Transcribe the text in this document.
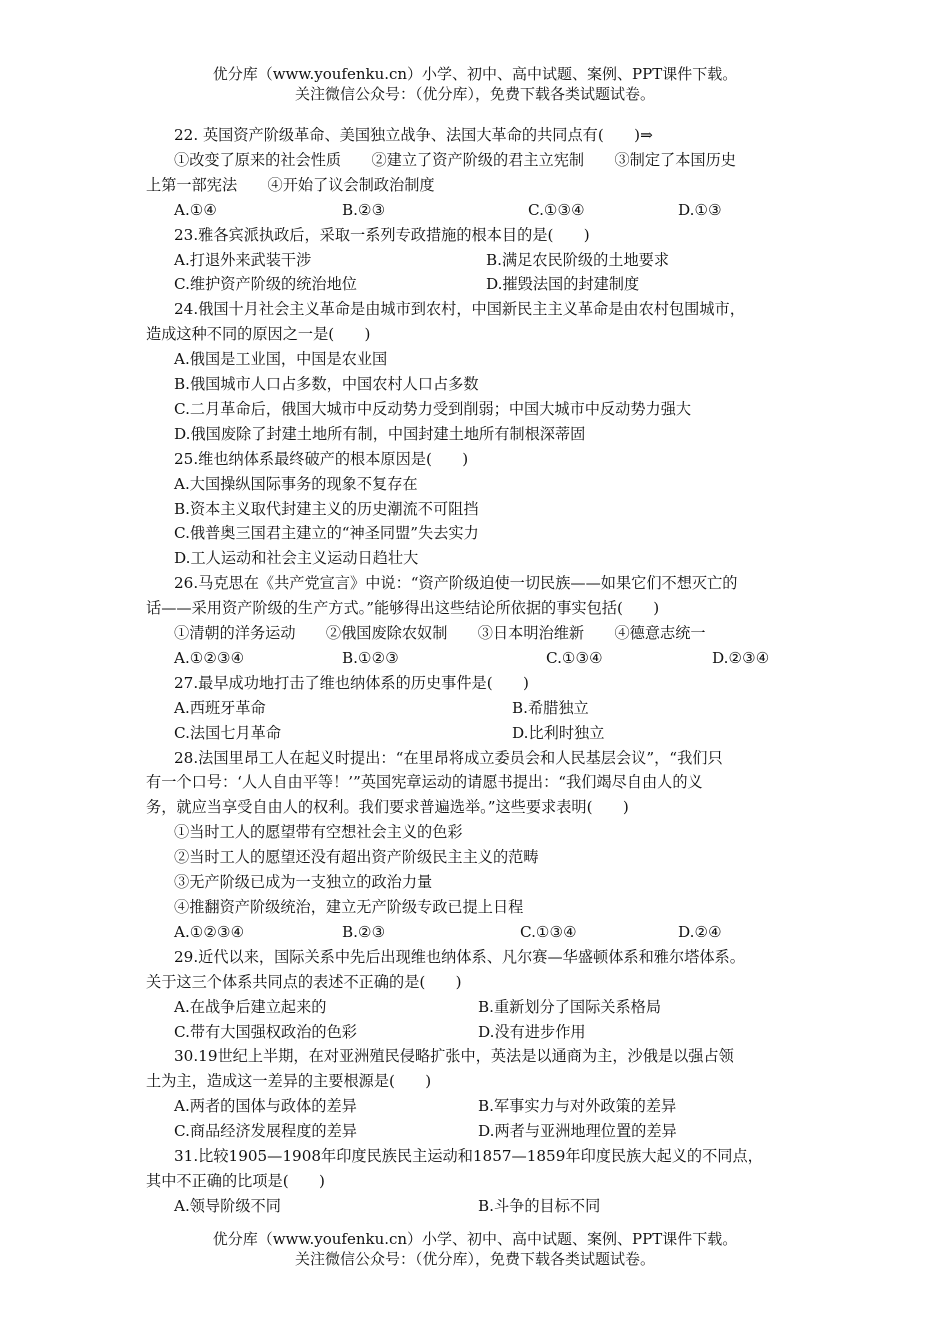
优分库（www.youfenku.cn）小学、初中、高中试题、案例、PPT课件下载。
关注微信公众号：（优分库），免费下载各类试题试卷。
22. 英国资产阶级革命、美国独立战争、法国大革命的共同点有(　　)⇒
①改变了原来的社会性质　　②建立了资产阶级的君主立宪制　　③制定了本国历史
上第一部宪法　　④开始了议会制政治制度
A.①④	B.②③	C.①③④	D.①③
23.雅各宾派执政后，采取一系列专政措施的根本目的是(　　)
A.打退外来武装干涉	B.满足农民阶级的土地要求
C.维护资产阶级的统治地位	D.摧毁法国的封建制度
24.俄国十月社会主义革命是由城市到农村，中国新民主主义革命是由农村包围城市，
造成这种不同的原因之一是(　　)
A.俄国是工业国，中国是农业国
B.俄国城市人口占多数，中国农村人口占多数
C.二月革命后，俄国大城市中反动势力受到削弱；中国大城市中反动势力强大
D.俄国废除了封建土地所有制，中国封建土地所有制根深蒂固
25.维也纳体系最终破产的根本原因是(　　)
A.大国操纵国际事务的现象不复存在
B.资本主义取代封建主义的历史潮流不可阻挡
C.俄普奥三国君主建立的“神圣同盟”失去实力
D.工人运动和社会主义运动日趋壮大
26.马克思在《共产党宣言》中说：“资产阶级迫使一切民族——如果它们不想灭亡的
话——采用资产阶级的生产方式。”能够得出这些结论所依据的事实包括(　　)
①清朝的洋务运动　　②俄国废除农奴制　　③日本明治维新　　④德意志统一
A.①②③④	B.①②③	C.①③④	D.②③④
27.最早成功地打击了维也纳体系的历史事件是(　　)
A.西班牙革命	B.希腊独立
C.法国七月革命	D.比利时独立
28.法国里昂工人在起义时提出：“在里昂将成立委员会和人民基层会议”，“我们只
有一个口号：‘人人自由平等！’”英国宪章运动的请愿书提出：“我们竭尽自由人的义
务，就应当享受自由人的权利。我们要求普遍选举。”这些要求表明(　　)
①当时工人的愿望带有空想社会主义的色彩
②当时工人的愿望还没有超出资产阶级民主主义的范畴
③无产阶级已成为一支独立的政治力量
④推翻资产阶级统治，建立无产阶级专政已提上日程
A.①②③④	B.②③	C.①③④	D.②④
29.近代以来，国际关系中先后出现维也纳体系、凡尔赛—华盛顿体系和雅尔塔体系。
关于这三个体系共同点的表述不正确的是(　　)
A.在战争后建立起来的	B.重新划分了国际关系格局
C.带有大国强权政治的色彩	D.没有进步作用
30.19世纪上半期，在对亚洲殖民侵略扩张中，英法是以通商为主，沙俄是以强占领
土为主，造成这一差异的主要根源是(　　)
A.两者的国体与政体的差异	B.军事实力与对外政策的差异
C.商品经济发展程度的差异	D.两者与亚洲地理位置的差异
31.比较1905—1908年印度民族民主运动和1857—1859年印度民族大起义的不同点，
其中不正确的比项是(　　)
A.领导阶级不同	B.斗争的目标不同
优分库（www.youfenku.cn）小学、初中、高中试题、案例、PPT课件下载。
关注微信公众号：（优分库），免费下载各类试题试卷。
